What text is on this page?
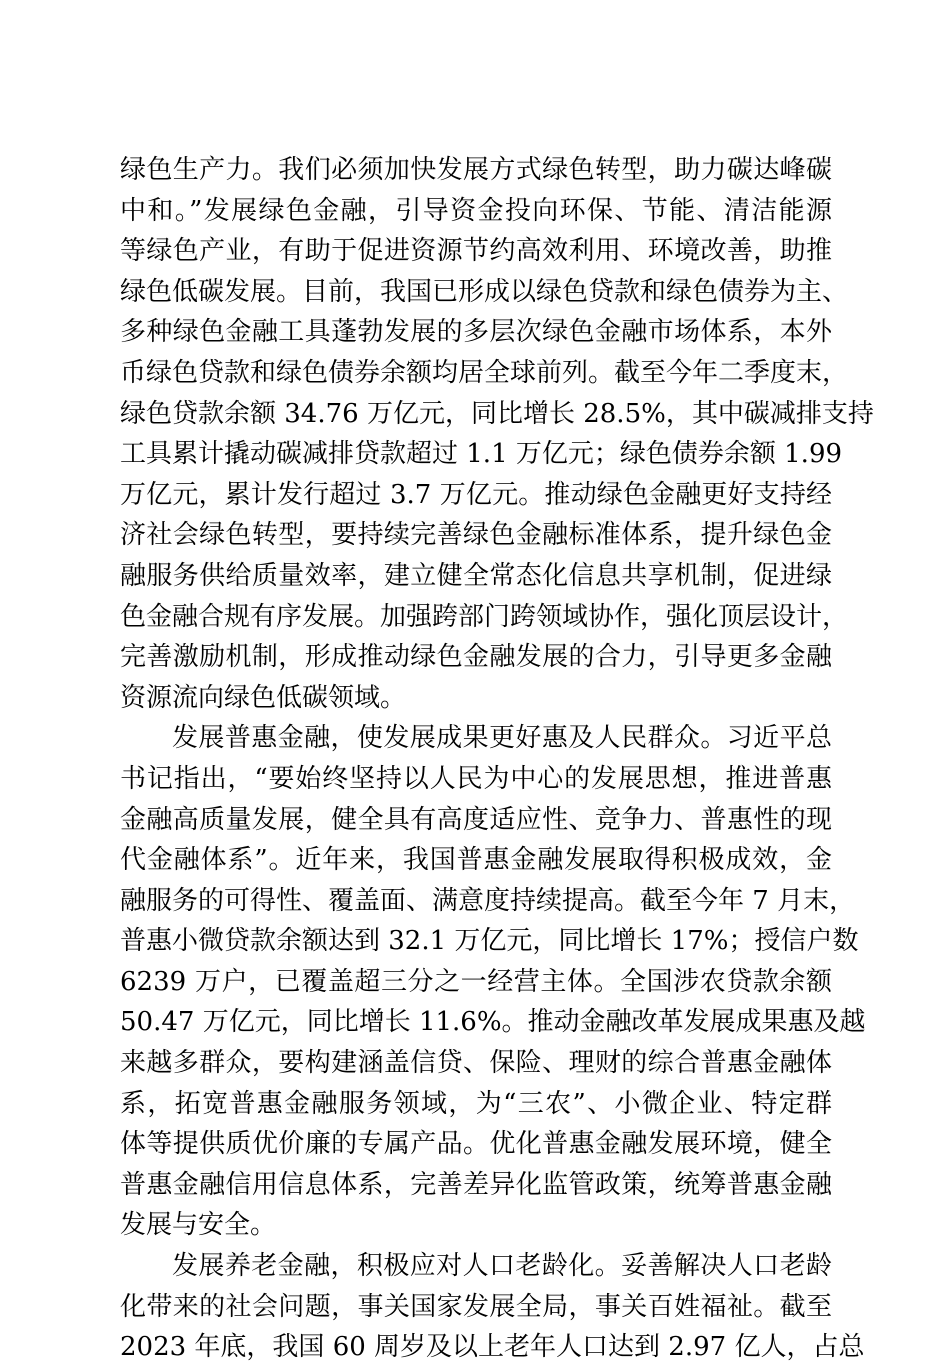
绿色生产力。我们必须加快发展方式绿色转型，助力碳达峰碳
中和。”发展绿色金融，引导资金投向环保、节能、清洁能源
等绿色产业，有助于促进资源节约高效利用、环境改善，助推
绿色低碳发展。目前，我国已形成以绿色贷款和绿色债券为主、
多种绿色金融工具蓬勃发展的多层次绿色金融市场体系，本外
币绿色贷款和绿色债券余额均居全球前列。截至今年二季度末，
绿色贷款余额 34.76 万亿元，同比增长 28.5%，其中碳减排支持
工具累计撬动碳减排贷款超过 1.1 万亿元；绿色债券余额 1.99
万亿元，累计发行超过 3.7 万亿元。推动绿色金融更好支持经
济社会绿色转型，要持续完善绿色金融标准体系，提升绿色金
融服务供给质量效率，建立健全常态化信息共享机制，促进绿
色金融合规有序发展。加强跨部门跨领域协作，强化顶层设计，
完善激励机制，形成推动绿色金融发展的合力，引导更多金融
资源流向绿色低碳领域。
发展普惠金融，使发展成果更好惠及人民群众。习近平总
书记指出，“要始终坚持以人民为中心的发展思想，推进普惠
金融高质量发展，健全具有高度适应性、竞争力、普惠性的现
代金融体系”。近年来，我国普惠金融发展取得积极成效，金
融服务的可得性、覆盖面、满意度持续提高。截至今年 7 月末，
普惠小微贷款余额达到 32.1 万亿元，同比增长 17%；授信户数
6239 万户，已覆盖超三分之一经营主体。全国涉农贷款余额
50.47 万亿元，同比增长 11.6%。推动金融改革发展成果惠及越
来越多群众，要构建涵盖信贷、保险、理财的综合普惠金融体
系，拓宽普惠金融服务领域，为“三农”、小微企业、特定群
体等提供质优价廉的专属产品。优化普惠金融发展环境，健全
普惠金融信用信息体系，完善差异化监管政策，统筹普惠金融
发展与安全。
发展养老金融，积极应对人口老龄化。妥善解决人口老龄
化带来的社会问题，事关国家发展全局，事关百姓福祉。截至
2023 年底，我国 60 周岁及以上老年人口达到 2.97 亿人，占总
